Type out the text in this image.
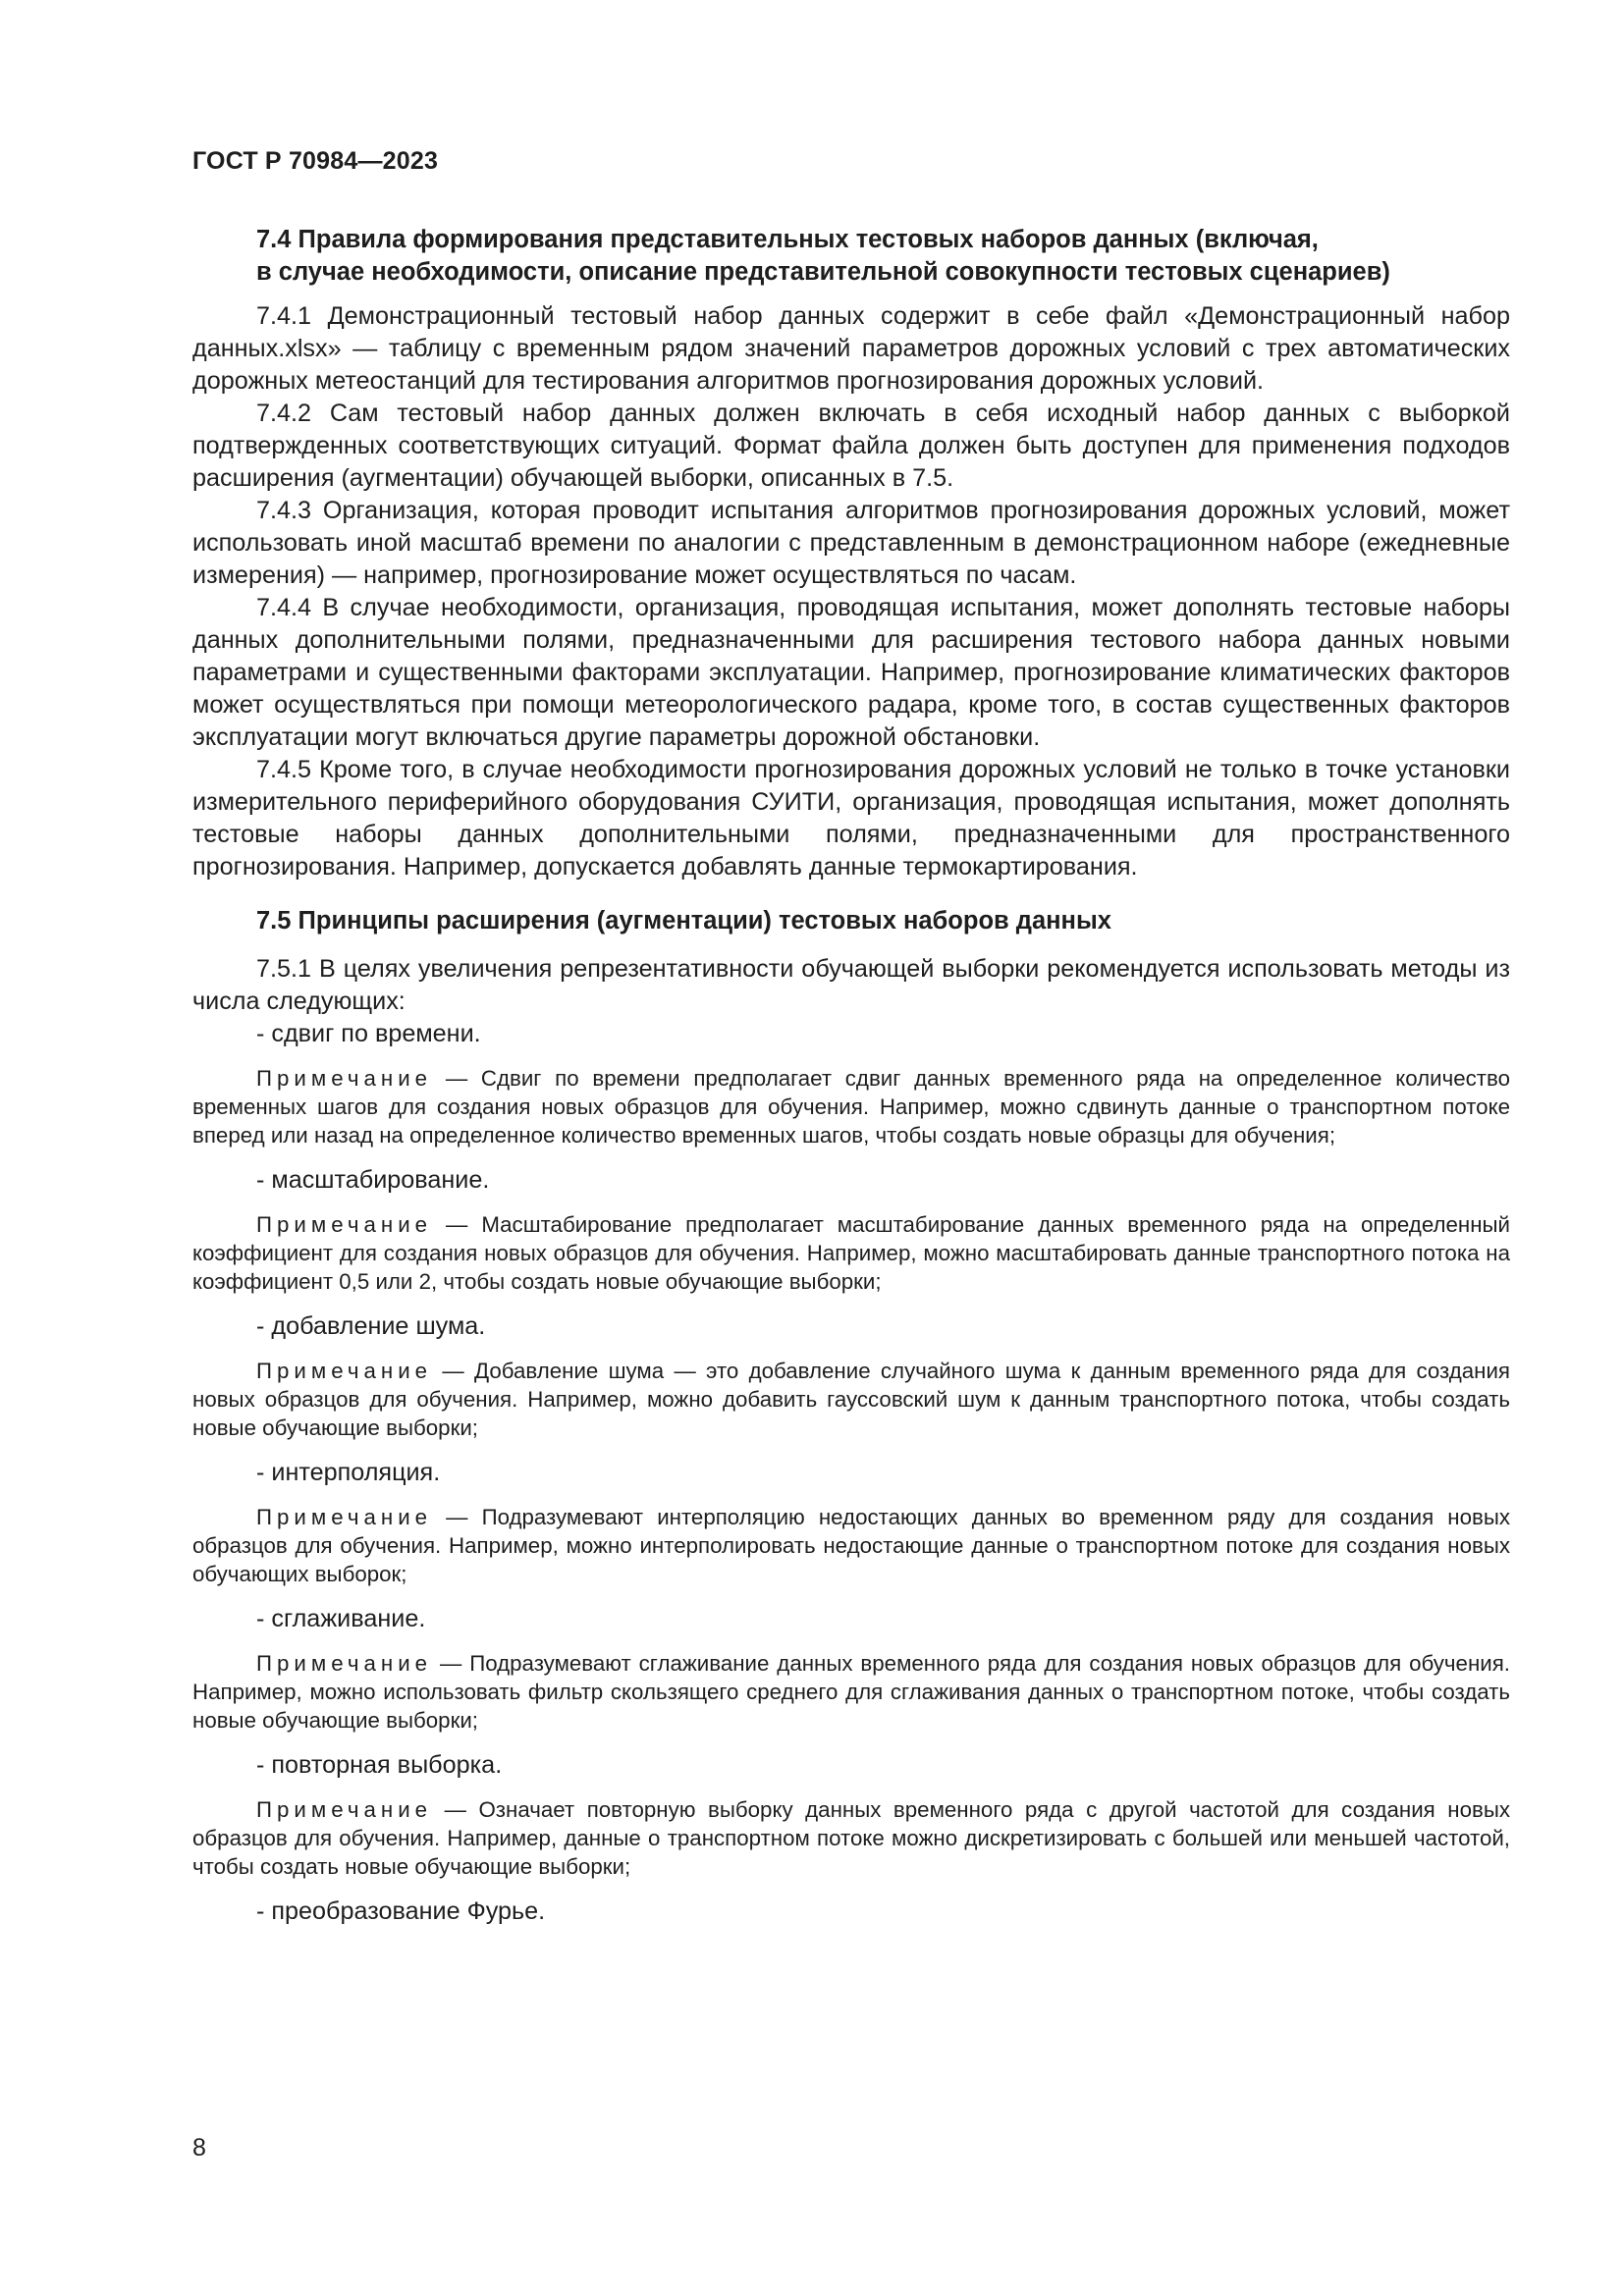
ГОСТ Р 70984—2023

7.4 Правила формирования представительных тестовых наборов данных (включая,
в случае необходимости, описание представительной совокупности тестовых сценариев)

7.4.1 Демонстрационный тестовый набор данных содержит в себе файл «Демонстрационный набор данных.xlsx» — таблицу с временным рядом значений параметров дорожных условий с трех автоматических дорожных метеостанций для тестирования алгоритмов прогнозирования дорожных условий.

7.4.2 Сам тестовый набор данных должен включать в себя исходный набор данных с выборкой подтвержденных соответствующих ситуаций. Формат файла должен быть доступен для применения подходов расширения (аугментации) обучающей выборки, описанных в 7.5.

7.4.3 Организация, которая проводит испытания алгоритмов прогнозирования дорожных условий, может использовать иной масштаб времени по аналогии с представленным в демонстрационном наборе (ежедневные измерения) — например, прогнозирование может осуществляться по часам.

7.4.4 В случае необходимости, организация, проводящая испытания, может дополнять тестовые наборы данных дополнительными полями, предназначенными для расширения тестового набора данных новыми параметрами и существенными факторами эксплуатации. Например, прогнозирование климатических факторов может осуществляться при помощи метеорологического радара, кроме того, в состав существенных факторов эксплуатации могут включаться другие параметры дорожной обстановки.

7.4.5 Кроме того, в случае необходимости прогнозирования дорожных условий не только в точке установки измерительного периферийного оборудования СУИТИ, организация, проводящая испытания, может дополнять тестовые наборы данных дополнительными полями, предназначенными для пространственного прогнозирования. Например, допускается добавлять данные термокартирования.

7.5 Принципы расширения (аугментации) тестовых наборов данных

7.5.1 В целях увеличения репрезентативности обучающей выборки рекомендуется использовать методы из числа следующих:

- сдвиг по времени.

Примечание — Сдвиг по времени предполагает сдвиг данных временного ряда на определенное количество временных шагов для создания новых образцов для обучения. Например, можно сдвинуть данные о транспортном потоке вперед или назад на определенное количество временных шагов, чтобы создать новые образцы для обучения;

- масштабирование.

Примечание — Масштабирование предполагает масштабирование данных временного ряда на определенный коэффициент для создания новых образцов для обучения. Например, можно масштабировать данные транспортного потока на коэффициент 0,5 или 2, чтобы создать новые обучающие выборки;

- добавление шума.

Примечание — Добавление шума — это добавление случайного шума к данным временного ряда для создания новых образцов для обучения. Например, можно добавить гауссовский шум к данным транспортного потока, чтобы создать новые обучающие выборки;

- интерполяция.

Примечание — Подразумевают интерполяцию недостающих данных во временном ряду для создания новых образцов для обучения. Например, можно интерполировать недостающие данные о транспортном потоке для создания новых обучающих выборок;

- сглаживание.

Примечание — Подразумевают сглаживание данных временного ряда для создания новых образцов для обучения. Например, можно использовать фильтр скользящего среднего для сглаживания данных о транспортном потоке, чтобы создать новые обучающие выборки;

- повторная выборка.

Примечание — Означает повторную выборку данных временного ряда с другой частотой для создания новых образцов для обучения. Например, данные о транспортном потоке можно дискретизировать с большей или меньшей частотой, чтобы создать новые обучающие выборки;

- преобразование Фурье.

8
